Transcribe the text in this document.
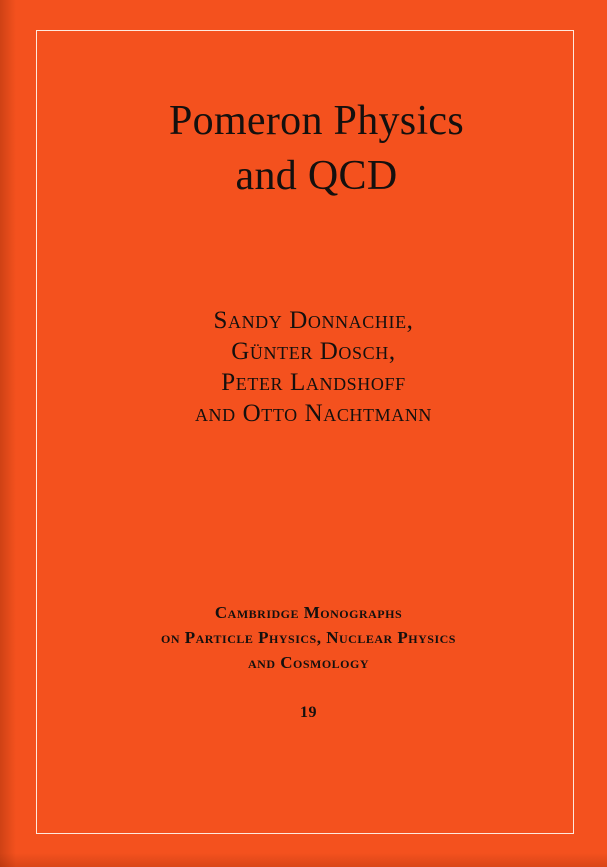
Pomeron Physics
and QCD
Sandy Donnachie,
Günter Dosch,
Peter Landshoff
and Otto Nachtmann
Cambridge Monographs
on Particle Physics, Nuclear Physics
and Cosmology
19
